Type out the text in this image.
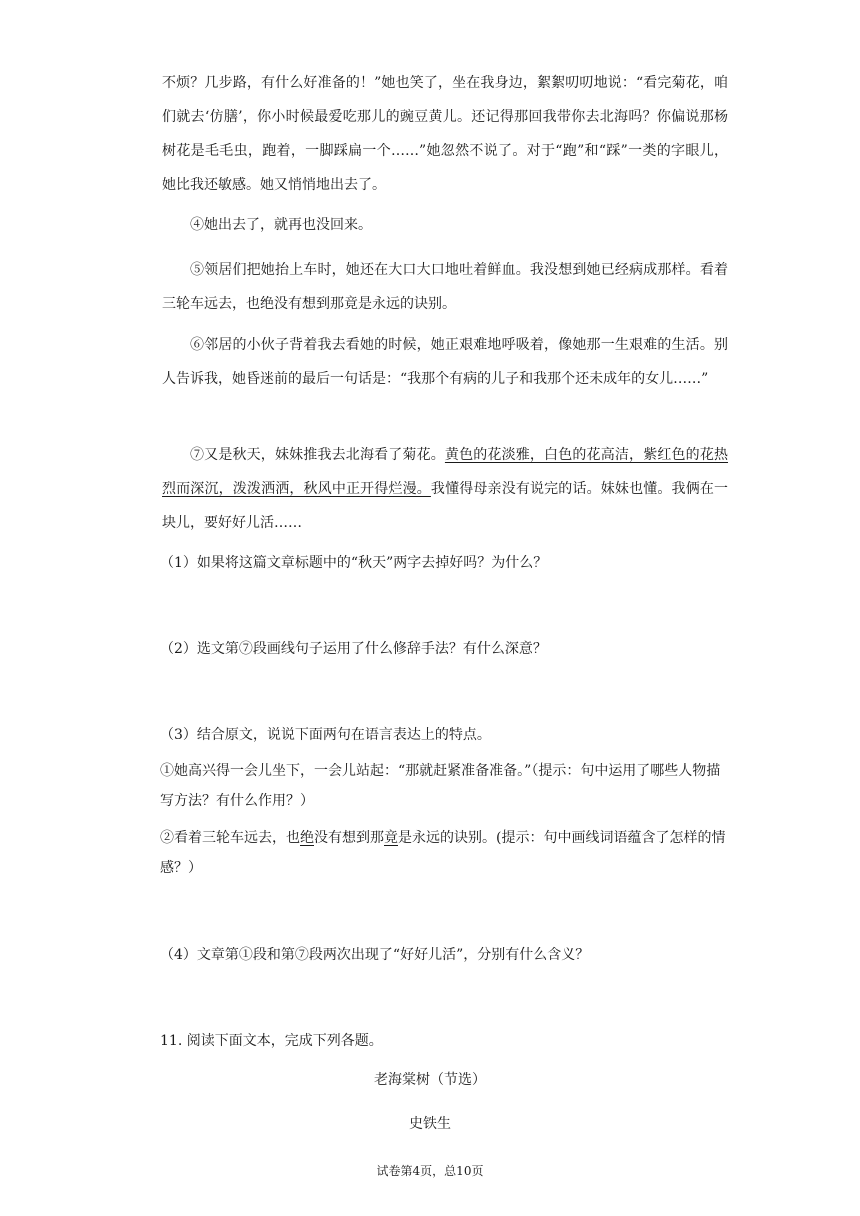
不烦？几步路，有什么好准备的！”她也笑了，坐在我身边，絮絮叨叨地说：“看完菊花，咱们就去‘仿膳’，你小时候最爱吃那儿的豌豆黄儿。还记得那回我带你去北海吗？你偏说那杨树花是毛毛虫，跑着，一脚踩扁一个……”她忽然不说了。对于“跑”和“踩”一类的字眼儿，她比我还敏感。她又悄悄地出去了。

④她出去了，就再也没回来。

⑤领居们把她抬上车时，她还在大口大口地吐着鲜血。我没想到她已经病成那样。看着三轮车远去，也绝没有想到那竟是永远的诀别。

⑥邻居的小伙子背着我去看她的时候，她正艰难地呼吸着，像她那一生艰难的生活。别人告诉我，她昏迷前的最后一句话是：“我那个有病的儿子和我那个还未成年的女儿……”

⑦又是秋天，妹妹推我去北海看了菊花。黄色的花淡雅，白色的花高洁，紫红色的花热烈而深沉，泼泼洒洒，秋风中正开得烂漫。我懂得母亲没有说完的话。妹妹也懂。我俩在一块儿，要好好儿活……

（1）如果将这篇文章标题中的“秋天”两字去掉好吗？为什么？

（2）选文第⑦段画线句子运用了什么修辞手法？有什么深意？

（3）结合原文，说说下面两句在语言表达上的特点。

①她高兴得一会儿坐下，一会儿站起：“那就赶紧准备准备。”（提示：句中运用了哪些人物描写方法？有什么作用？）

②看着三轮车远去，也绝没有想到那竟是永远的诀别。(提示：句中画线词语蕴含了怎样的情感？）

（4）文章第①段和第⑦段两次出现了“好好儿活”，分别有什么含义？

11. 阅读下面文本，完成下列各题。

老海棠树（节选）

史铁生

试卷第4页，总10页
